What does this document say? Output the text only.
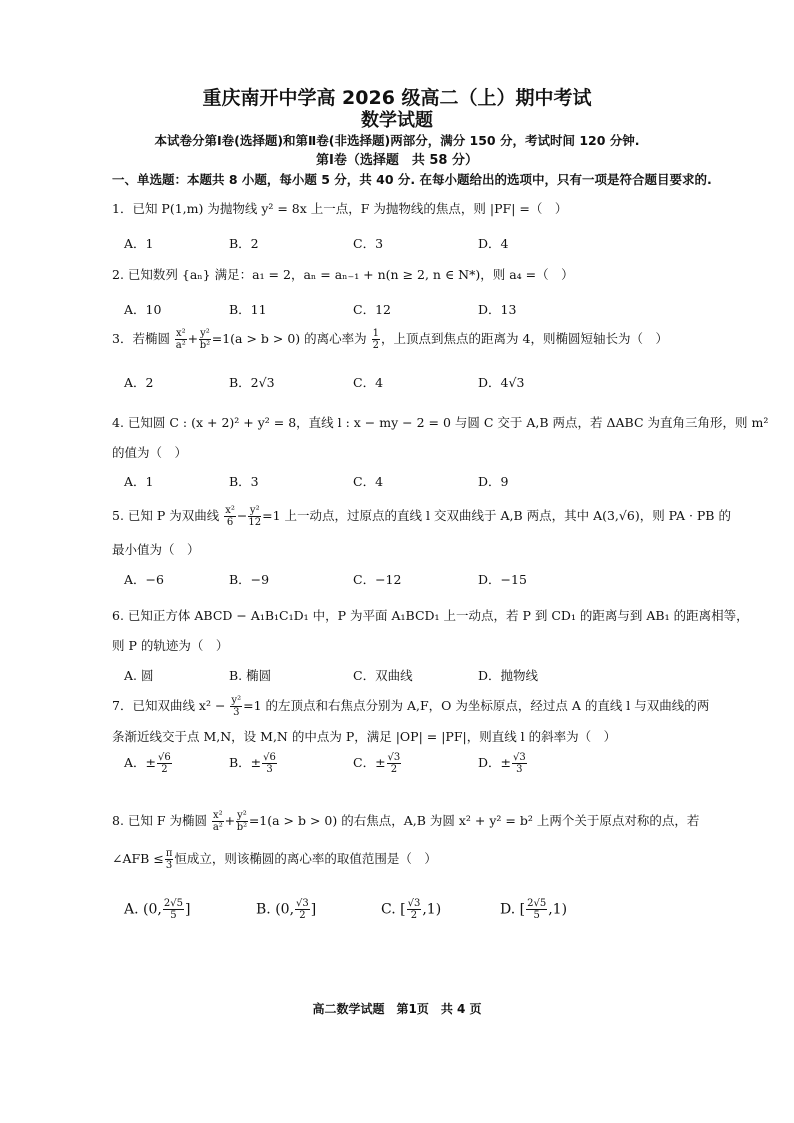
重庆南开中学高 2026 级高二（上）期中考试
数学试题
本试卷分第Ⅰ卷(选择题)和第Ⅱ卷(非选择题)两部分，满分 150 分，考试时间 120 分钟.
第Ⅰ卷（选择题　共 58 分）
一、单选题：本题共 8 小题，每小题 5 分，共 40 分. 在每小题给出的选项中，只有一项是符合题目要求的.
1．已知 P(1,m) 为抛物线 y² = 8x 上一点，F 为抛物线的焦点，则 |PF| =（　）
A．1	B．2	C．3	D．4
2. 已知数列 {aₙ} 满足：a₁ = 2，aₙ = aₙ₋₁ + n(n ≥ 2, n ∈ N*)，则 a₄ =（　）
A．10	B．11	C．12	D．13
3．若椭圆 $\frac{\text{x²}}{\text{a²}} + \frac{\text{y²}}{\text{b²}} =1(a > b > 0)$ 的离心率为 $\frac{1}{2}$ ，上顶点到焦点的距离为 4，则椭圆短轴长为（　）
A．2	B．2√3	C．4	D．4√3
4. 已知圆 C : (x + 2)² + y² = 8，直线 l : x − my − 2 = 0 与圆 C 交于 A,B 两点，若 ΔABC 为直角三角形，则 m²
的值为（　）
A．1	B．3	C．4	D．9
5. 已知 P 为双曲线 $\frac{\text{x²}}{6} - \frac{\text{y²}}{12} =1$ 上一动点，过原点的直线 l 交双曲线于 A,B 两点，其中 A(3,√6)，则 PA · PB 的
最小值为（　）
A．−6	B．−9	C．−12	D．−15
6. 已知正方体 ABCD − A₁B₁C₁D₁ 中，P 为平面 A₁BCD₁ 上一动点，若 P 到 CD₁ 的距离与到 AB₁ 的距离相等，
则 P 的轨迹为（　）
A. 圆	B. 椭圆	C．双曲线	D．抛物线
7．已知双曲线 $x^2 - \frac{\text{y²}}{3} =1$ 的左顶点和右焦点分别为 A,F，O 为坐标原点，经过点 A 的直线 l 与双曲线的两
条渐近线交于点 M,N，设 M,N 的中点为 P，满足 |OP| = |PF|，则直线 l 的斜率为（　）
A．± $\frac{√6}{2}$	B．± $\frac{√6}{3}$	C．± $\frac{√3}{2}$	D．± $\frac{√3}{3}$
8. 已知 F 为椭圆 $\frac{\text{x²}}{\text{a²}} + \frac{\text{y²}}{\text{b²}} =1(a > b > 0)$ 的右焦点，A,B 为圆 x² + y² = b² 上两个关于原点对称的点，若
∠AFB ≤ $\frac{\pi}{3}$ 恒成立，则该椭圆的离心率的取值范围是（　）
A. (0, $\frac{2√5}{5}$ ]	B. (0, $\frac{√3}{2}$ ]	C. [ $\frac{√3}{2} ,1$)	D. [ $\frac{2√5}{5} ,1$)
高二数学试题　第1页　共 4 页
